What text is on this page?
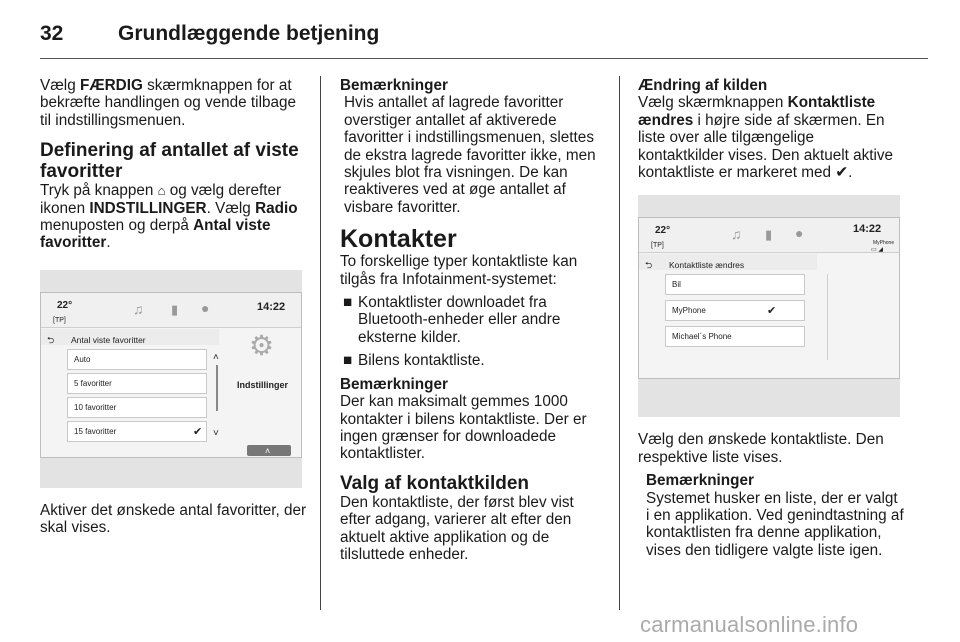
32	Grundlæggende betjening

Vælg FÆRDIG skærmknappen for at bekræfte handlingen og vende tilbage til indstillingsmenuen.

Definering af antallet af viste favoritter

Tryk på knappen ⌂ og vælg derefter ikonen INDSTILLINGER. Vælg Radio menuposten og derpå Antal viste favoritter.

22°
[TP]
♫ ▮ ●	14:22
⮌ Antal viste favoritter
Auto
5 favoritter
10 favoritter
15 favoritter	✔
˄
˅
⚙
Indstillinger
˄

Aktiver det ønskede antal favoritter, der skal vises.

Bemærkninger

Hvis antallet af lagrede favoritter overstiger antallet af aktiverede favoritter i indstillingsmenuen, slettes de ekstra lagrede favoritter ikke, men skjules blot fra visningen. De kan reaktiveres ved at øge antallet af visbare favoritter.

Kontakter

To forskellige typer kontaktliste kan tilgås fra Infotainment-systemet:

■ Kontaktlister downloadet fra Bluetooth-enheder eller andre eksterne kilder.

■ Bilens kontaktliste.

Bemærkninger

Der kan maksimalt gemmes 1000 kontakter i bilens kontaktliste. Der er ingen grænser for downloadede kontaktlister.

Valg af kontaktkilden

Den kontaktliste, der først blev vist efter adgang, varierer alt efter den aktuelt aktive applikation og de tilsluttede enheder.

Ændring af kilden

Vælg skærmknappen Kontaktliste ændres i højre side af skærmen. En liste over alle tilgængelige kontaktkilder vises. Den aktuelt aktive kontaktliste er markeret med ✔.

22°
[TP]
♫ ▮ ●	14:22
MyPhone
▭ ◢
⮌ Kontaktliste ændres
Bil
MyPhone	✔
Michael´s Phone

Vælg den ønskede kontaktliste. Den respektive liste vises.

Bemærkninger

Systemet husker en liste, der er valgt i en applikation. Ved genindtastning af kontaktlisten fra denne applikation, vises den tidligere valgte liste igen.

carmanualsonline.info
